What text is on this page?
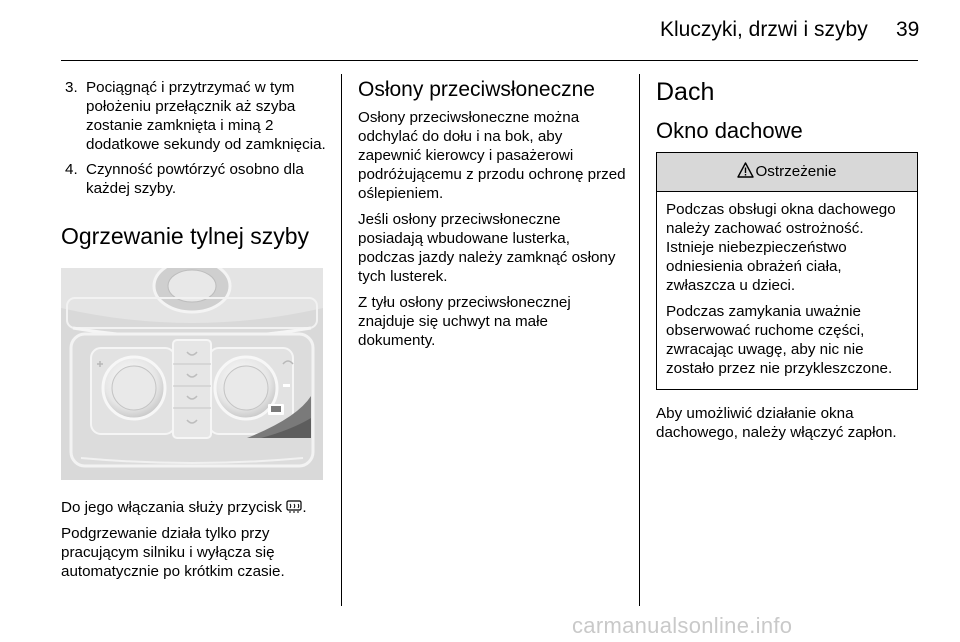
Kluczyki, drzwi i szyby 39
3. Pociągnąć i przytrzymać w tym położeniu przełącznik aż szyba zostanie zamknięta i miną 2 dodatkowe sekundy od zamknięcia.
4. Czynność powtórzyć osobno dla każdej szyby.
Ogrzewanie tylnej szyby

Do jego włączania służy przycisk .

Podgrzewanie działa tylko przy pracującym silniku i wyłącza się automatycznie po krótkim czasie.

Osłony przeciwsłoneczne

Osłony przeciwsłoneczne można odchylać do dołu i na bok, aby zapewnić kierowcy i pasażerowi podróżującemu z przodu ochronę przed oślepieniem.

Jeśli osłony przeciwsłoneczne posiadają wbudowane lusterka, podczas jazdy należy zamknąć osłony tych lusterek.

Z tyłu osłony przeciwsłonecznej znajduje się uchwyt na małe dokumenty.

Dach
Okno dachowe
Ostrzeżenie

Podczas obsługi okna dachowego należy zachować ostrożność. Istnieje niebezpieczeństwo odniesienia obrażeń ciała, zwłaszcza u dzieci.

Podczas zamykania uważnie obserwować ruchome części, zwracając uwagę, aby nic nie zostało przez nie przykleszczone.

Aby umożliwić działanie okna dachowego, należy włączyć zapłon.

carmanualsonline.info
